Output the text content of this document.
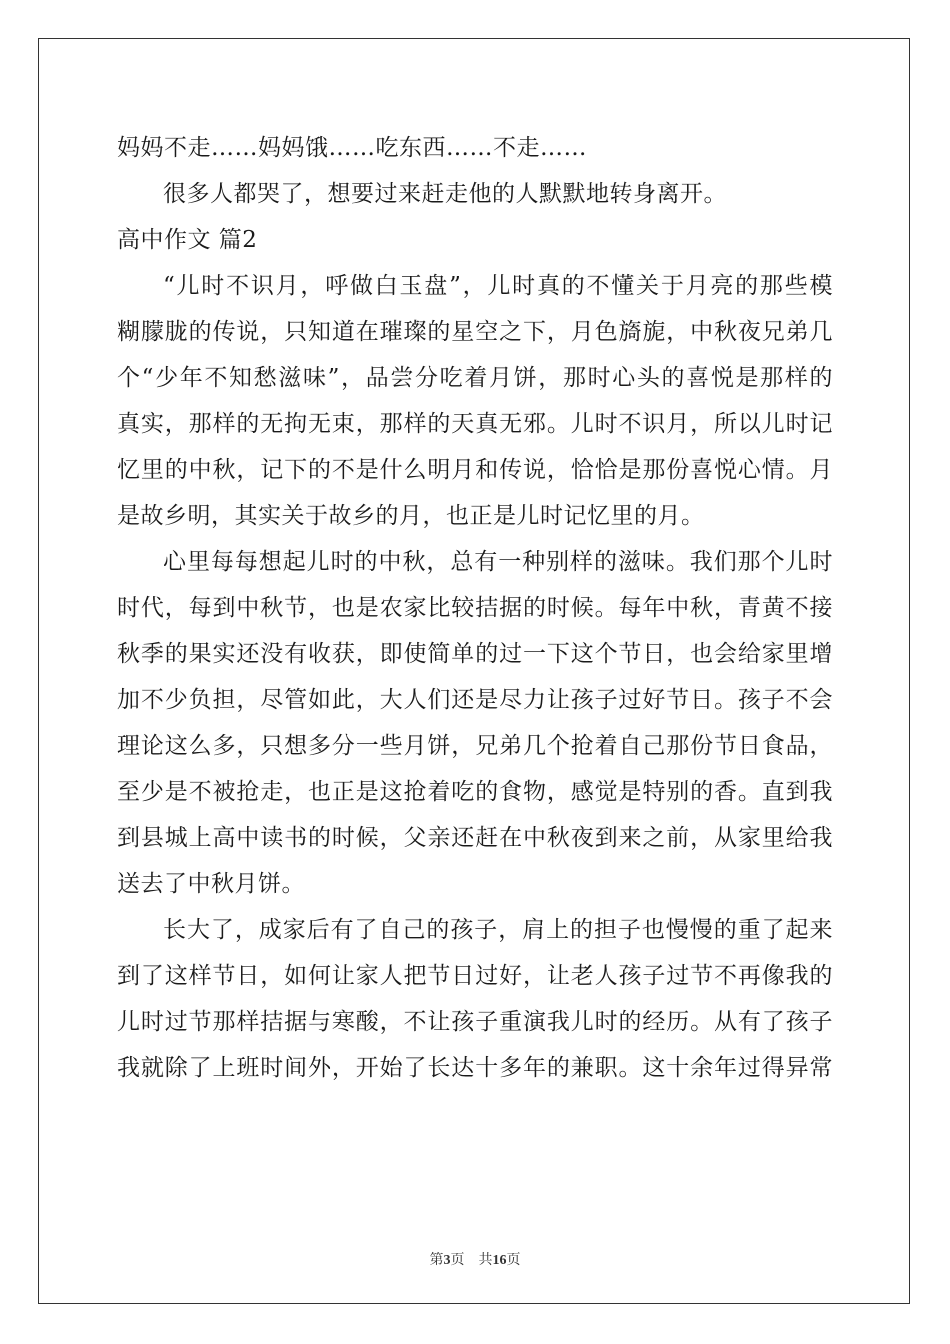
妈妈不走……妈妈饿……吃东西……不走……
很多人都哭了，想要过来赶走他的人默默地转身离开。
高中作文 篇2
“儿时不识月，呼做白玉盘”，儿时真的不懂关于月亮的那些模
糊朦胧的传说，只知道在璀璨的星空之下，月色旖旎，中秋夜兄弟几
个“少年不知愁滋味”，品尝分吃着月饼，那时心头的喜悦是那样的
真实，那样的无拘无束，那样的天真无邪。儿时不识月，所以儿时记
忆里的中秋，记下的不是什么明月和传说，恰恰是那份喜悦心情。月
是故乡明，其实关于故乡的月，也正是儿时记忆里的月。
心里每每想起儿时的中秋，总有一种别样的滋味。我们那个儿时
时代，每到中秋节，也是农家比较拮据的时候。每年中秋，青黄不接
秋季的果实还没有收获，即使简单的过一下这个节日，也会给家里增
加不少负担，尽管如此，大人们还是尽力让孩子过好节日。孩子不会
理论这么多，只想多分一些月饼，兄弟几个抢着自己那份节日食品，
至少是不被抢走，也正是这抢着吃的食物，感觉是特别的香。直到我
到县城上高中读书的时候，父亲还赶在中秋夜到来之前，从家里给我
送去了中秋月饼。
长大了，成家后有了自己的孩子，肩上的担子也慢慢的重了起来
到了这样节日，如何让家人把节日过好，让老人孩子过节不再像我的
儿时过节那样拮据与寒酸，不让孩子重演我儿时的经历。从有了孩子
我就除了上班时间外，开始了长达十多年的兼职。这十余年过得异常
第3页 共16页
